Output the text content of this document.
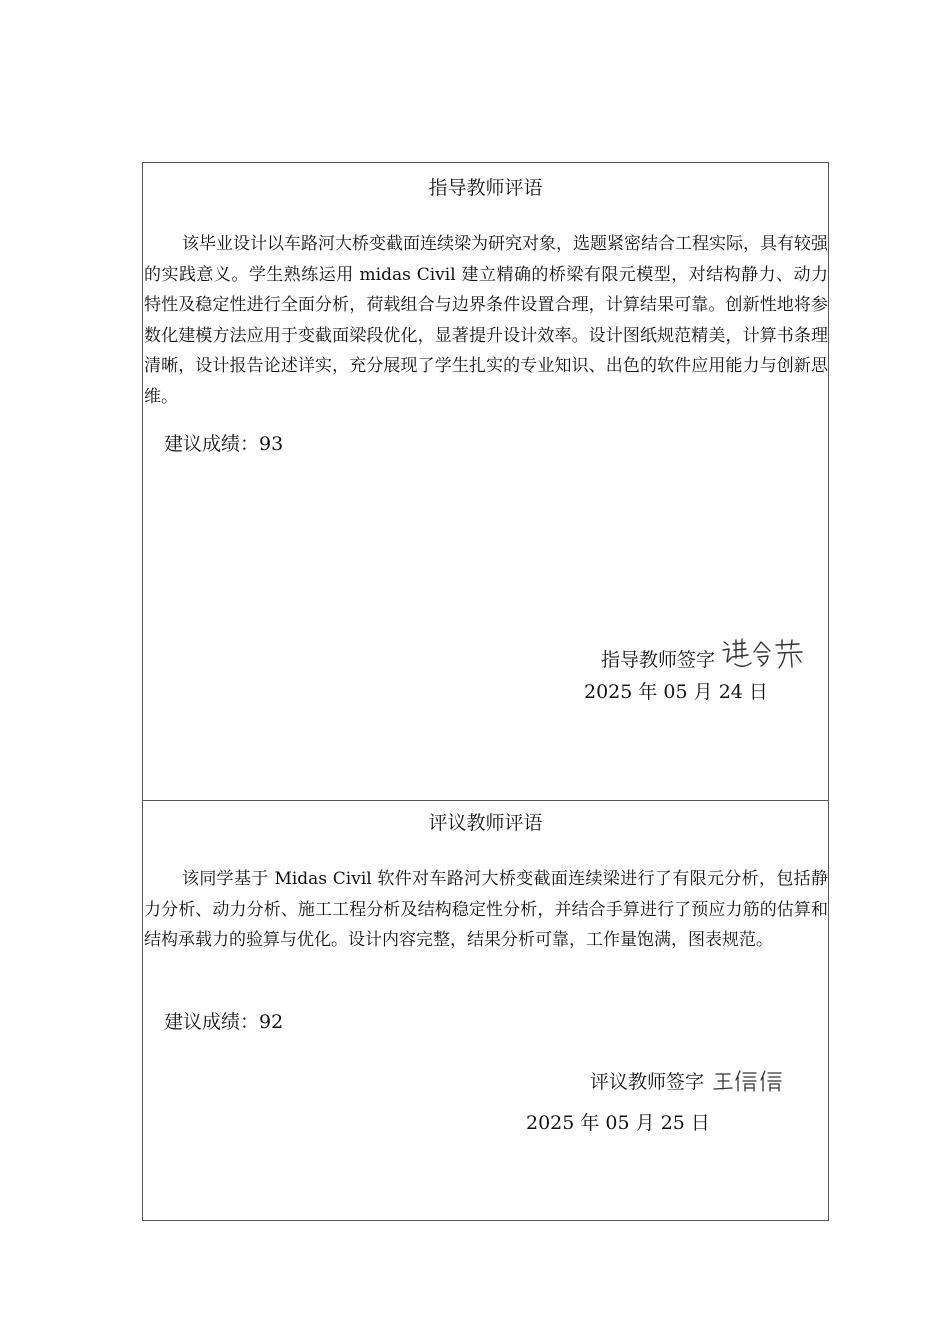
指导教师评语

该毕业设计以车路河大桥变截面连续梁为研究对象，选题紧密结合工程实际，具有较强的实践意义。学生熟练运用 midas Civil 建立精确的桥梁有限元模型，对结构静力、动力特性及稳定性进行全面分析，荷载组合与边界条件设置合理，计算结果可靠。创新性地将参数化建模方法应用于变截面梁段优化，显著提升设计效率。设计图纸规范精美，计算书条理清晰，设计报告论述详实，充分展现了学生扎实的专业知识、出色的软件应用能力与创新思维。

建议成绩：93
指导教师签字
2025 年 05 月 24 日
评议教师评语

该同学基于 Midas Civil 软件对车路河大桥变截面连续梁进行了有限元分析，包括静力分析、动力分析、施工工程分析及结构稳定性分析，并结合手算进行了预应力筋的估算和结构承载力的验算与优化。设计内容完整，结果分析可靠，工作量饱满，图表规范。

建议成绩：92
评议教师签字
2025 年 05 月 25 日
